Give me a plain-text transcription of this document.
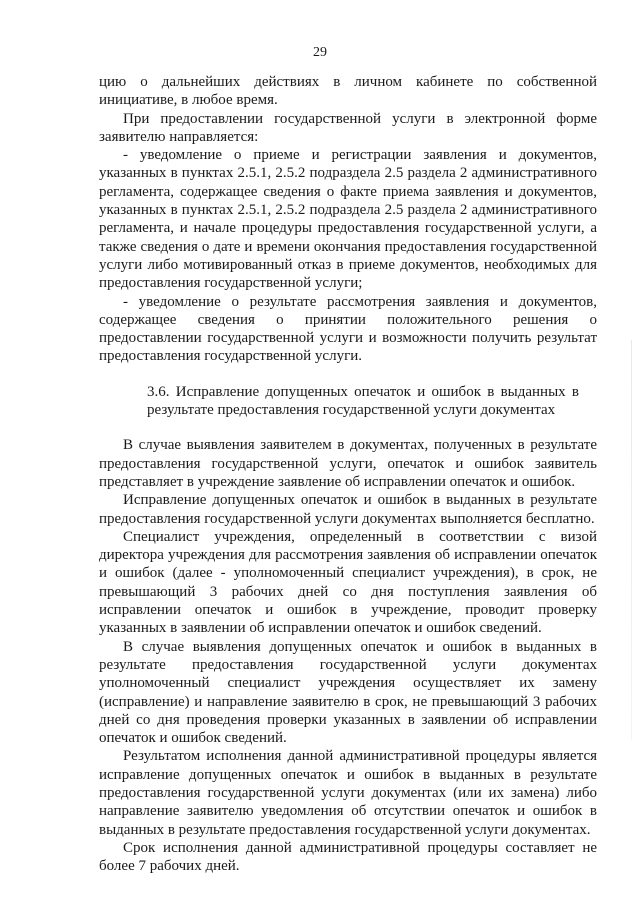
29

цию о дальнейших действиях в личном кабинете по собственной инициативе, в любое время.

При предоставлении государственной услуги в электронной форме заявителю направляется:

- уведомление о приеме и регистрации заявления и документов, указанных в пунктах 2.5.1, 2.5.2 подраздела 2.5 раздела 2 административного регламента, содержащее сведения о факте приема заявления и документов, указанных в пунктах 2.5.1, 2.5.2 подраздела 2.5 раздела 2 административного регламента, и начале процедуры предоставления государственной услуги, а также сведения о дате и времени окончания предоставления государственной услуги либо мотивированный отказ в приеме документов, необходимых для предоставления государственной услуги;

- уведомление о результате рассмотрения заявления и документов, содержащее сведения о принятии положительного решения о предоставлении государственной услуги и возможности получить результат предоставления государственной услуги.

3.6. Исправление допущенных опечаток и ошибок в выданных в результате предоставления государственной услуги документах

В случае выявления заявителем в документах, полученных в результате предоставления государственной услуги, опечаток и ошибок заявитель представляет в учреждение заявление об исправлении опечаток и ошибок.

Исправление допущенных опечаток и ошибок в выданных в результате предоставления государственной услуги документах выполняется бесплатно.

Специалист учреждения, определенный в соответствии с визой директора учреждения для рассмотрения заявления об исправлении опечаток и ошибок (далее - уполномоченный специалист учреждения), в срок, не превышающий 3 рабочих дней со дня поступления заявления об исправлении опечаток и ошибок в учреждение, проводит проверку указанных в заявлении об исправлении опечаток и ошибок сведений.

В случае выявления допущенных опечаток и ошибок в выданных в результате предоставления государственной услуги документах уполномоченный специалист учреждения осуществляет их замену (исправление) и направление заявителю в срок, не превышающий 3 рабочих дней со дня проведения проверки указанных в заявлении об исправлении опечаток и ошибок сведений.

Результатом исполнения данной административной процедуры является исправление допущенных опечаток и ошибок в выданных в результате предоставления государственной услуги документах (или их замена) либо направление заявителю уведомления об отсутствии опечаток и ошибок в выданных в результате предоставления государственной услуги документах.

Срок исполнения данной административной процедуры составляет не более 7 рабочих дней.
